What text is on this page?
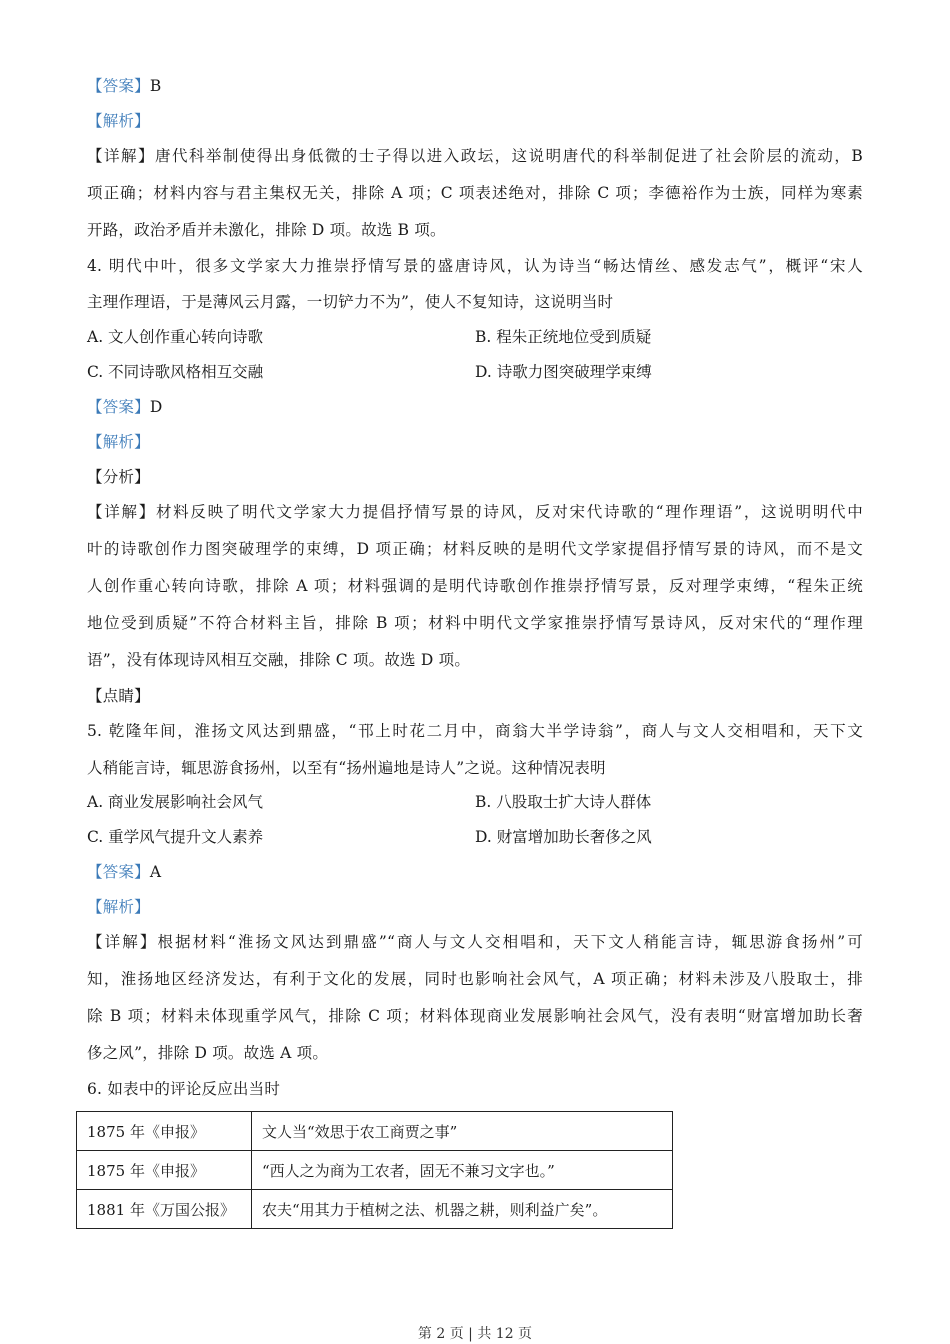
【答案】B
【解析】
【详解】唐代科举制使得出身低微的士子得以进入政坛，这说明唐代的科举制促进了社会阶层的流动，B
项正确；材料内容与君主集权无关，排除 A 项；C 项表述绝对，排除 C 项；李德裕作为士族，同样为寒素
开路，政治矛盾并未激化，排除 D 项。故选 B 项。
4. 明代中叶，很多文学家大力推崇抒情写景的盛唐诗风，认为诗当“畅达情丝、感发志气”，概评“宋人
主理作理语，于是薄风云月露，一切铲力不为”，使人不复知诗，这说明当时
A. 文人创作重心转向诗歌	B. 程朱正统地位受到质疑
C. 不同诗歌风格相互交融	D. 诗歌力图突破理学束缚
【答案】D
【解析】
【分析】
【详解】材料反映了明代文学家大力提倡抒情写景的诗风，反对宋代诗歌的“理作理语”，这说明明代中
叶的诗歌创作力图突破理学的束缚，D 项正确；材料反映的是明代文学家提倡抒情写景的诗风，而不是文
人创作重心转向诗歌，排除 A 项；材料强调的是明代诗歌创作推崇抒情写景，反对理学束缚，“程朱正统
地位受到质疑”不符合材料主旨，排除 B 项；材料中明代文学家推崇抒情写景诗风，反对宋代的“理作理
语”，没有体现诗风相互交融，排除 C 项。故选 D 项。
【点睛】
5. 乾隆年间，淮扬文风达到鼎盛，“邗上时花二月中，商翁大半学诗翁”，商人与文人交相唱和，天下文
人稍能言诗，辄思游食扬州，以至有“扬州遍地是诗人”之说。这种情况表明
A. 商业发展影响社会风气	B. 八股取士扩大诗人群体
C. 重学风气提升文人素养	D. 财富增加助长奢侈之风
【答案】A
【解析】
【详解】根据材料“淮扬文风达到鼎盛”“商人与文人交相唱和，天下文人稍能言诗，辄思游食扬州”可
知，淮扬地区经济发达，有利于文化的发展，同时也影响社会风气，A 项正确；材料未涉及八股取士，排
除 B 项；材料未体现重学风气，排除 C 项；材料体现商业发展影响社会风气，没有表明“财富增加助长奢
侈之风”，排除 D 项。故选 A 项。
6. 如表中的评论反应出当时
1875 年《申报》	文人当“效思于农工商贾之事”
1875 年《申报》	“西人之为商为工农者，固无不兼习文字也。”
1881 年《万国公报》	农夫“用其力于植树之法、机器之耕，则利益广矣”。
第 2 页 | 共 12 页
